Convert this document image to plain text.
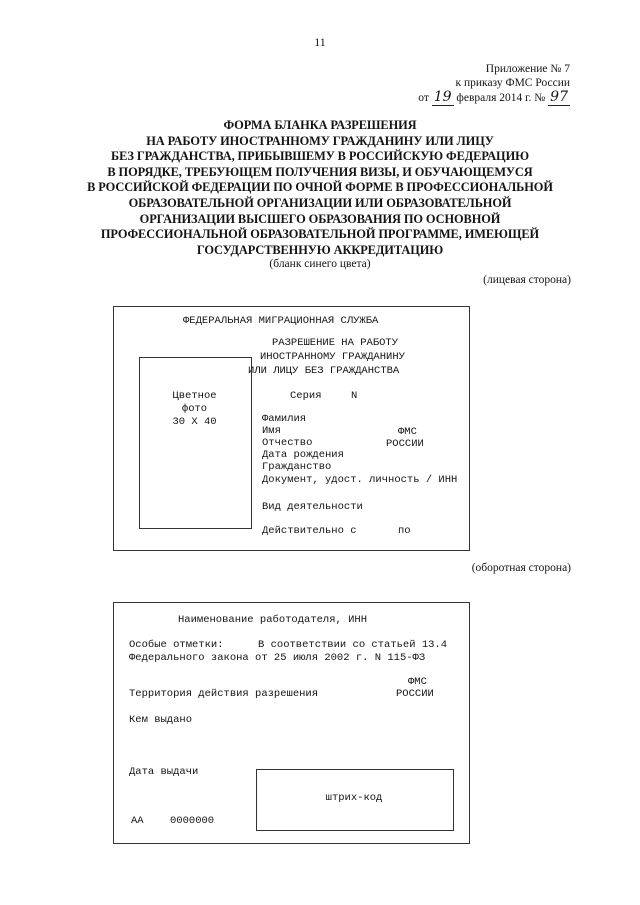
11
Приложение № 7
к приказу ФМС России
от 19 февраля 2014 г. № 97
ФОРМА БЛАНКА РАЗРЕШЕНИЯ
НА РАБОТУ ИНОСТРАННОМУ ГРАЖДАНИНУ ИЛИ ЛИЦУ
БЕЗ ГРАЖДАНСТВА, ПРИБЫВШЕМУ В РОССИЙСКУЮ ФЕДЕРАЦИЮ
В ПОРЯДКЕ, ТРЕБУЮЩЕМ ПОЛУЧЕНИЯ ВИЗЫ, И ОБУЧАЮЩЕМУСЯ
В РОССИЙСКОЙ ФЕДЕРАЦИИ ПО ОЧНОЙ ФОРМЕ В ПРОФЕССИОНАЛЬНОЙ
ОБРАЗОВАТЕЛЬНОЙ ОРГАНИЗАЦИИ ИЛИ ОБРАЗОВАТЕЛЬНОЙ
ОРГАНИЗАЦИИ ВЫСШЕГО ОБРАЗОВАНИЯ ПО ОСНОВНОЙ
ПРОФЕССИОНАЛЬНОЙ ОБРАЗОВАТЕЛЬНОЙ ПРОГРАММЕ, ИМЕЮЩЕЙ
ГОСУДАРСТВЕННУЮ АККРЕДИТАЦИЮ
(бланк синего цвета)
(лицевая сторона)
ФЕДЕРАЛЬНАЯ МИГРАЦИОННАЯ СЛУЖБА
РАЗРЕШЕНИЕ НА РАБОТУ
ИНОСТРАННОМУ ГРАЖДАНИНУ
ИЛИ ЛИЦУ БЕЗ ГРАЖДАНСТВА
Цветное
фото
30 X 40
Серия	N
Фамилия
Имя
Отчество
Дата рождения
Гражданство
Документ, удост. личность / ИНН
ФМС
РОССИИ
Вид деятельности
Действительно с	по
(оборотная сторона)
Наименование работодателя, ИНН
Особые отметки:	В соответствии со статьей 13.4
Федерального закона от 25 июля 2002 г. N 115-ФЗ
ФМС
РОССИИ
Территория действия разрешения
Кем выдано
Дата выдачи
штрих-код
АА	0000000
